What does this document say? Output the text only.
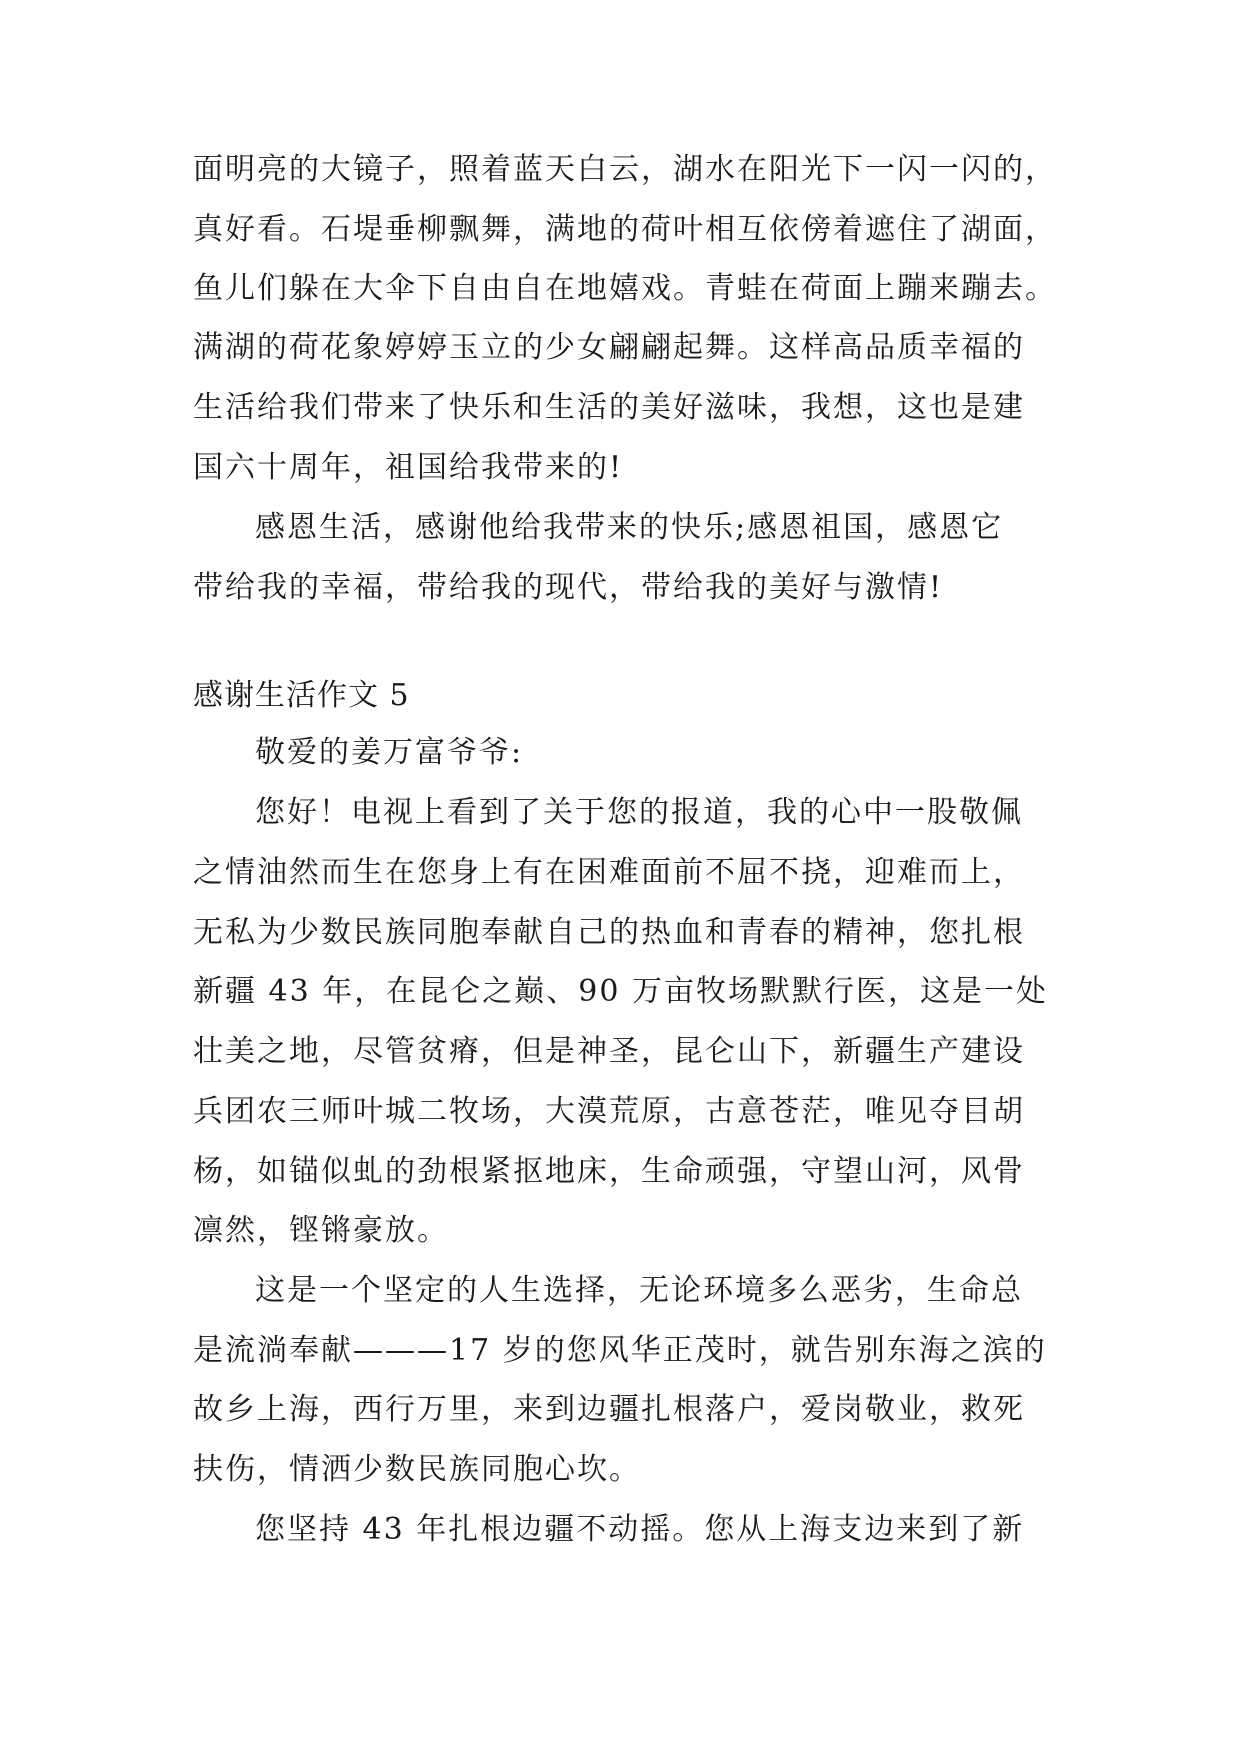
面明亮的大镜子，照着蓝天白云，湖水在阳光下一闪一闪的，
真好看。石堤垂柳飘舞，满地的荷叶相互依傍着遮住了湖面，
鱼儿们躲在大伞下自由自在地嬉戏。青蛙在荷面上蹦来蹦去。
满湖的荷花象婷婷玉立的少女翩翩起舞。这样高品质幸福的
生活给我们带来了快乐和生活的美好滋味，我想，这也是建
国六十周年，祖国给我带来的!
感恩生活，感谢他给我带来的快乐;感恩祖国，感恩它
带给我的幸福，带给我的现代，带给我的美好与激情!
感谢生活作文 5
敬爱的姜万富爷爷:
您好！电视上看到了关于您的报道，我的心中一股敬佩
之情油然而生在您身上有在困难面前不屈不挠，迎难而上，
无私为少数民族同胞奉献自己的热血和青春的精神，您扎根
新疆 43 年，在昆仑之巅、90 万亩牧场默默行医，这是一处
壮美之地，尽管贫瘠，但是神圣，昆仑山下，新疆生产建设
兵团农三师叶城二牧场，大漠荒原，古意苍茫，唯见夺目胡
杨，如锚似虬的劲根紧抠地床，生命顽强，守望山河，风骨
凛然，铿锵豪放。
这是一个坚定的人生选择，无论环境多么恶劣，生命总
是流淌奉献———17 岁的您风华正茂时，就告别东海之滨的
故乡上海，西行万里，来到边疆扎根落户，爱岗敬业，救死
扶伤，情洒少数民族同胞心坎。
您坚持 43 年扎根边疆不动摇。您从上海支边来到了新
